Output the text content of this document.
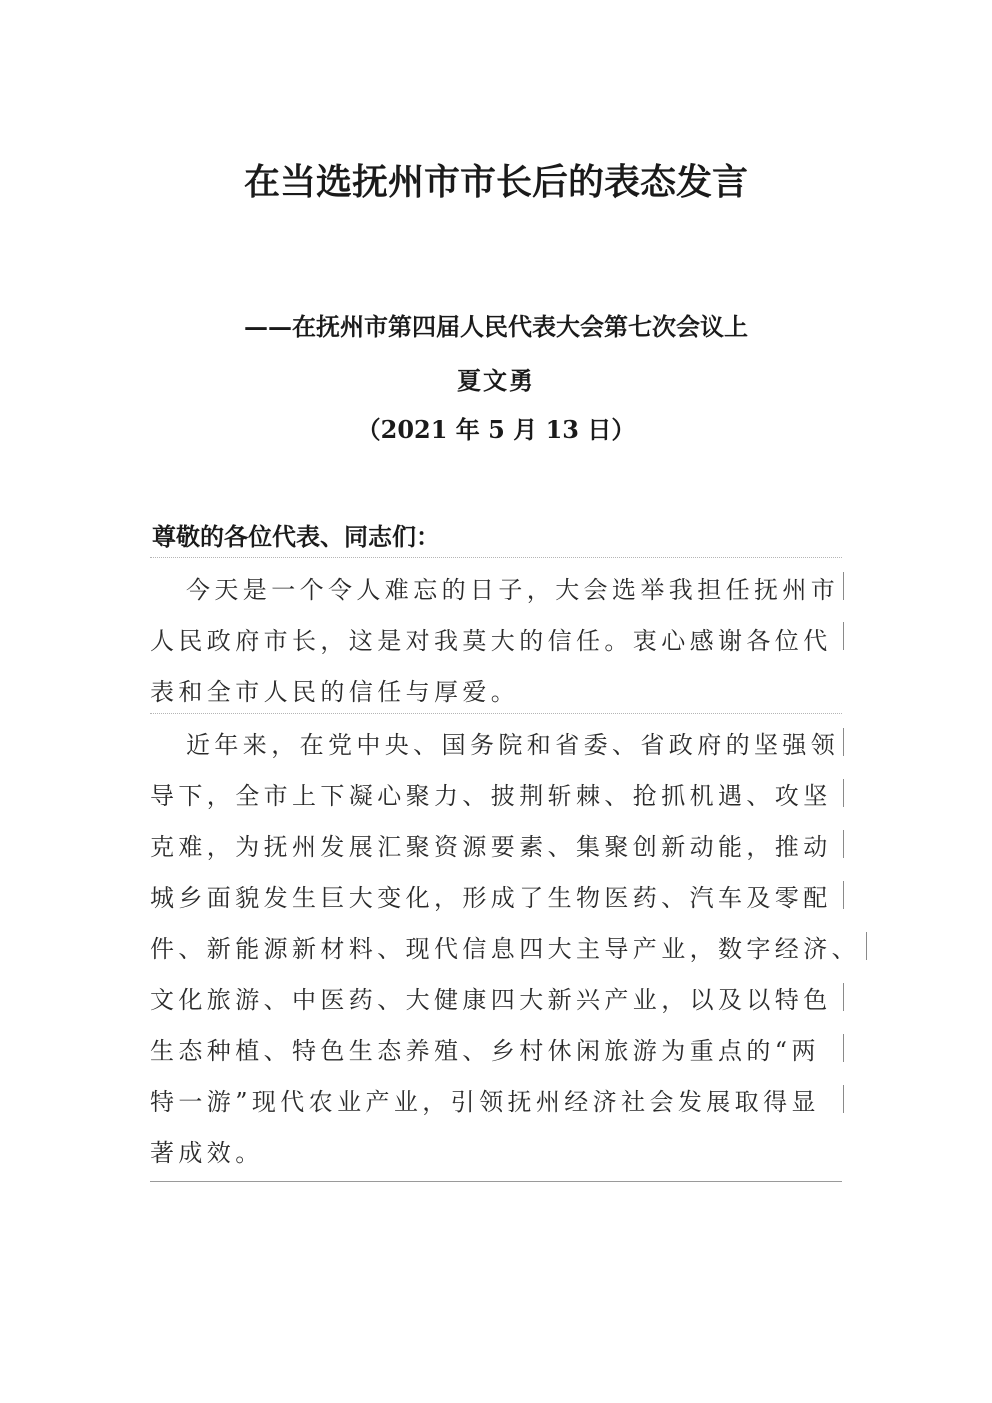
在当选抚州市市长后的表态发言
——在抚州市第四届人民代表大会第七次会议上
夏文勇
（2021 年 5 月 13 日）
尊敬的各位代表、同志们：
今天是一个令人难忘的日子，大会选举我担任抚州市
人民政府市长，这是对我莫大的信任。衷心感谢各位代
表和全市人民的信任与厚爱。
近年来，在党中央、国务院和省委、省政府的坚强领
导下，全市上下凝心聚力、披荆斩棘、抢抓机遇、攻坚
克难，为抚州发展汇聚资源要素、集聚创新动能，推动
城乡面貌发生巨大变化，形成了生物医药、汽车及零配
件、新能源新材料、现代信息四大主导产业，数字经济、
文化旅游、中医药、大健康四大新兴产业，以及以特色
生态种植、特色生态养殖、乡村休闲旅游为重点的“两
特一游”现代农业产业，引领抚州经济社会发展取得显
著成效。
